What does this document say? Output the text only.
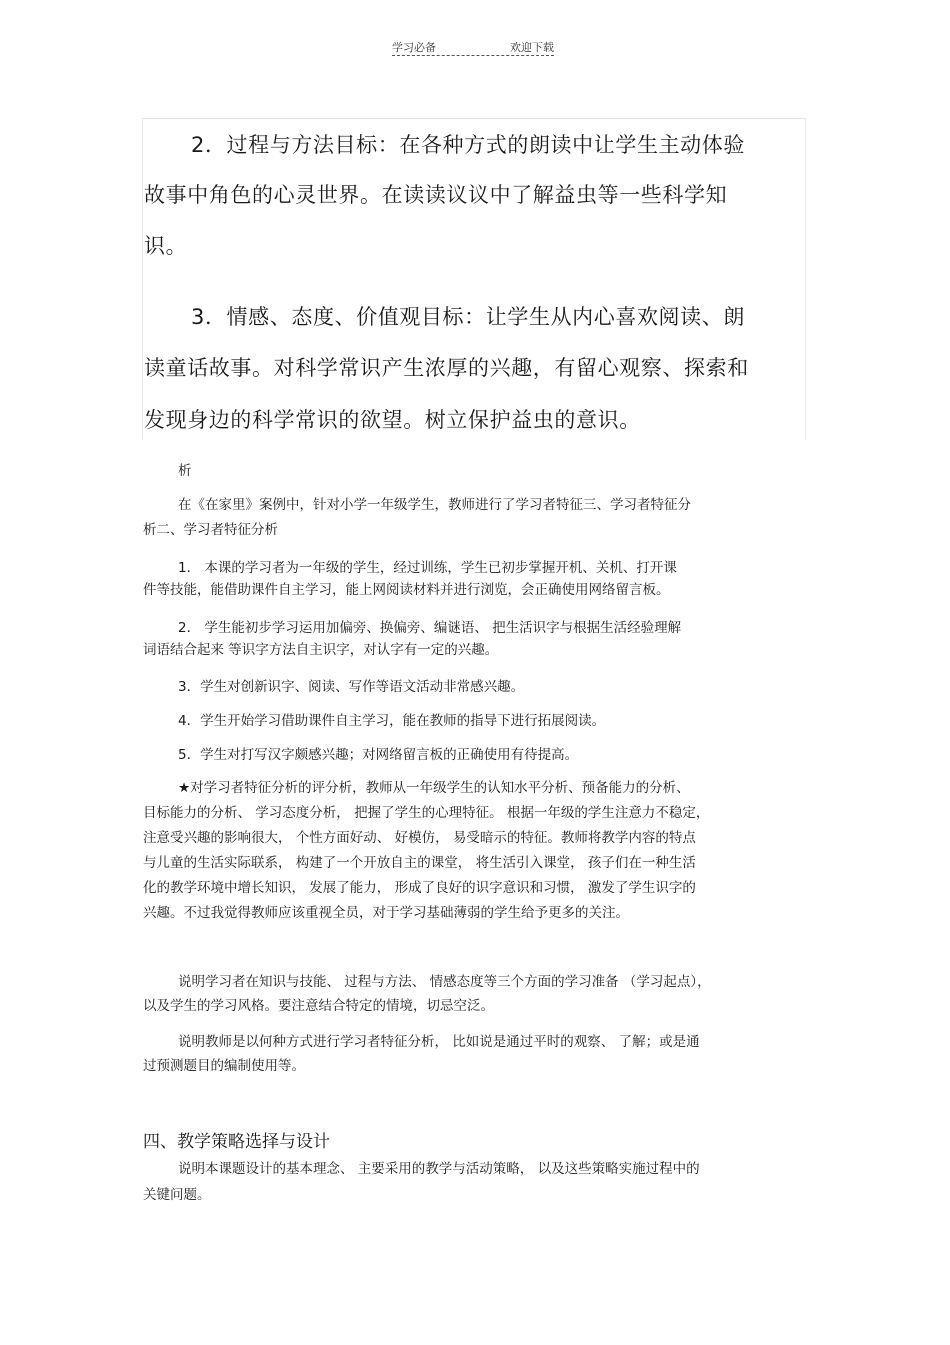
学习必备	欢迎下载
2．过程与方法目标：在各种方式的朗读中让学生主动体验
故事中角色的心灵世界。在读读议议中了解益虫等一些科学知
识。
3．情感、态度、价值观目标：让学生从内心喜欢阅读、朗
读童话故事。对科学常识产生浓厚的兴趣，有留心观察、探索和
发现身边的科学常识的欲望。树立保护益虫的意识。
析
在《在家里》案例中，针对小学一年级学生，教师进行了学习者特征三、学习者特征分
析二、学习者特征分析
1． 本课的学习者为一年级的学生，经过训练，学生已初步掌握开机、关机、打开课
件等技能，能借助课件自主学习，能上网阅读材料并进行浏览，会正确使用网络留言板。
2． 学生能初步学习运用加偏旁、换偏旁、编谜语、 把生活识字与根据生活经验理解
词语结合起来 等识字方法自主识字，对认字有一定的兴趣。
3．学生对创新识字、阅读、写作等语文活动非常感兴趣。
4．学生开始学习借助课件自主学习，能在教师的指导下进行拓展阅读。
5．学生对打写汉字颇感兴趣；对网络留言板的正确使用有待提高。
★对学习者特征分析的评分析，教师从一年级学生的认知水平分析、预备能力的分析、
目标能力的分析、 学习态度分析， 把握了学生的心理特征。 根据一年级的学生注意力不稳定，
注意受兴趣的影响很大， 个性方面好动、 好模仿， 易受暗示的特征。教师将教学内容的特点
与儿童的生活实际联系， 构建了一个开放自主的课堂， 将生活引入课堂， 孩子们在一种生活
化的教学环境中增长知识， 发展了能力， 形成了良好的识字意识和习惯， 激发了学生识字的
兴趣。不过我觉得教师应该重视全员，对于学习基础薄弱的学生给予更多的关注。
说明学习者在知识与技能、 过程与方法、 情感态度等三个方面的学习准备 （学习起点），
以及学生的学习风格。要注意结合特定的情境，切忌空泛。
说明教师是以何种方式进行学习者特征分析， 比如说是通过平时的观察、 了解；或是通
过预测题目的编制使用等。
四、教学策略选择与设计
说明本课题设计的基本理念、 主要采用的教学与活动策略， 以及这些策略实施过程中的
关键问题。
